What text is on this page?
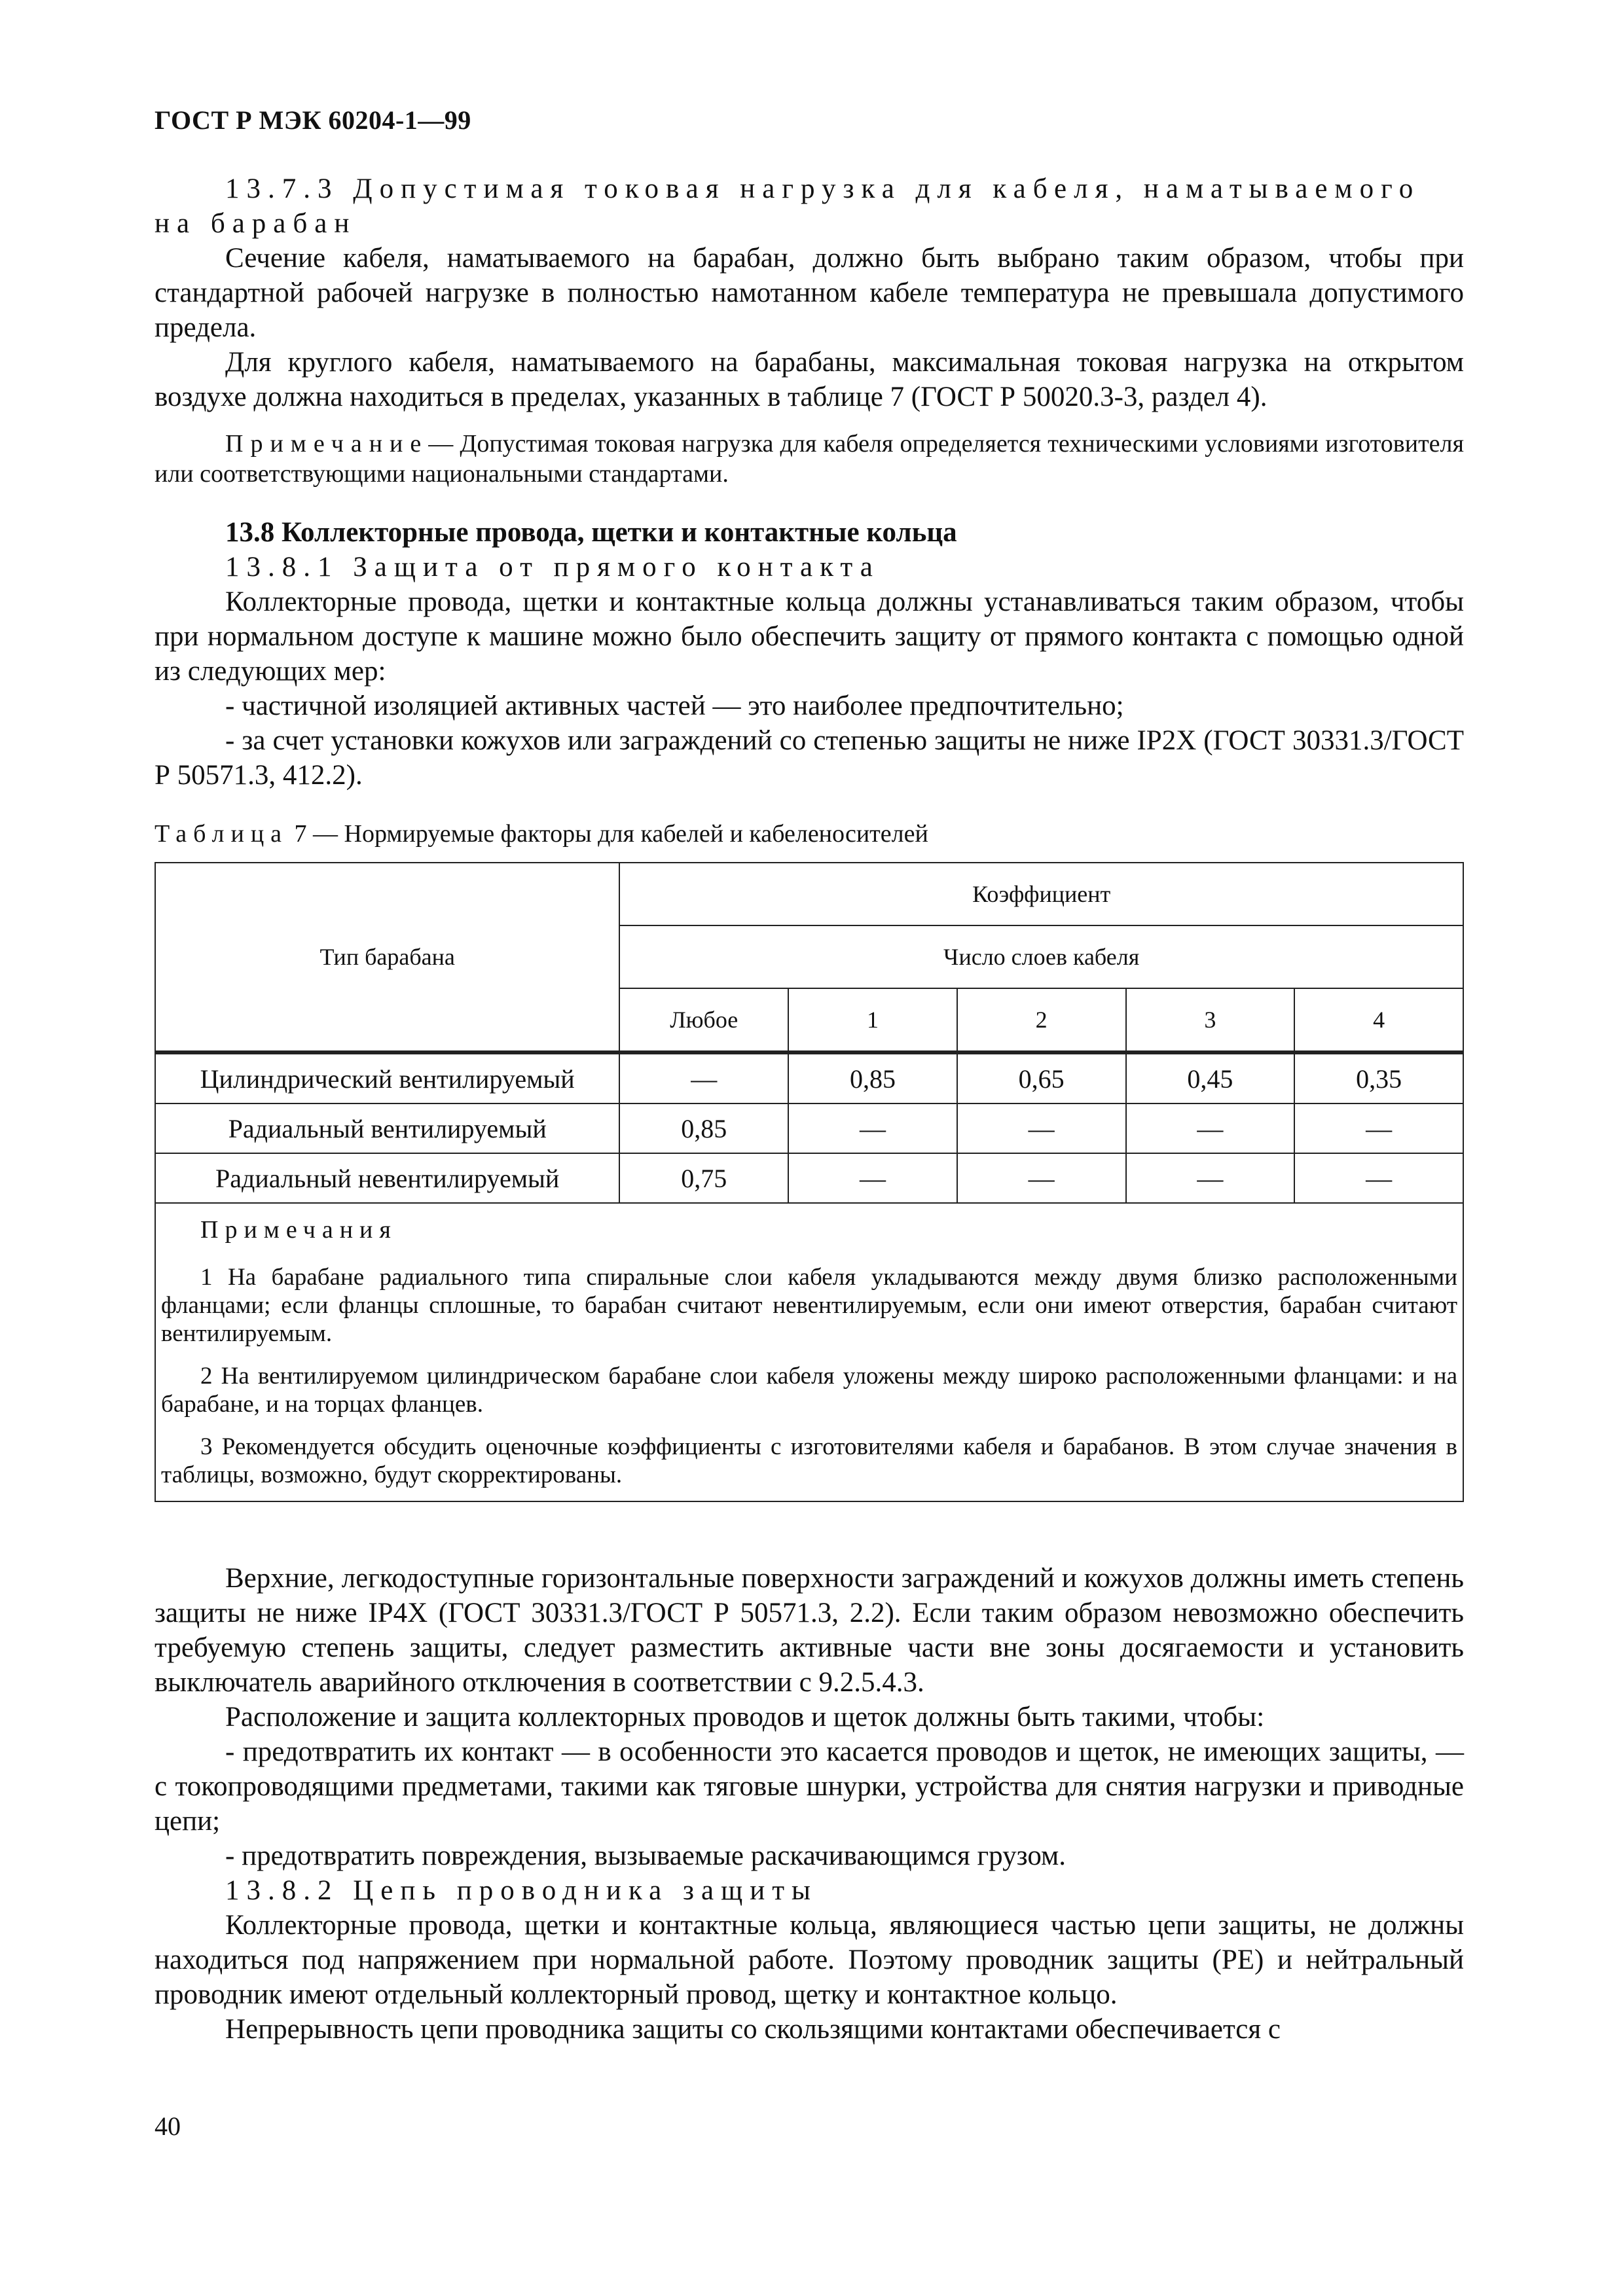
ГОСТ Р МЭК 60204-1—99

13.7.3 Допустимая токовая нагрузка для кабеля, наматываемого на барабан

Сечение кабеля, наматываемого на барабан, должно быть выбрано таким образом, чтобы при стандартной рабочей нагрузке в полностью намотанном кабеле температура не превышала допустимого предела.

Для круглого кабеля, наматываемого на барабаны, максимальная токовая нагрузка на открытом воздухе должна находиться в пределах, указанных в таблице 7 (ГОСТ Р 50020.3-3, раздел 4).

Примечание— Допустимая токовая нагрузка для кабеля определяется техническими условиями изготовителя или соответствующими национальными стандартами.

13.8 Коллекторные провода, щетки и контактные кольца

13.8.1 Защита от прямого контакта

Коллекторные провода, щетки и контактные кольца должны устанавливаться таким образом, чтобы при нормальном доступе к машине можно было обеспечить защиту от прямого контакта с помощью одной из следующих мер:

- частичной изоляцией активных частей — это наиболее предпочтительно;

- за счет установки кожухов или заграждений со степенью защиты не ниже IP2X (ГОСТ 30331.3/ГОСТ Р 50571.3, 412.2).

Таблица 7 — Нормируемые факторы для кабелей и кабеленосителей

Тип барабана	Коэффициент				
	Число слоев кабеля				
	Любое	1	2	3	4
Цилиндрический вентилируемый	—	0,85	0,65	0,45	0,35
Радиальный вентилируемый	0,85	—	—	—	—
Радиальный невентилируемый	0,75	—	—	—	—

Примечания

1 На барабане радиального типа спиральные слои кабеля укладываются между двумя близко расположенными фланцами; если фланцы сплошные, то барабан считают невентилируемым, если они имеют отверстия, барабан считают вентилируемым.

2 На вентилируемом цилиндрическом барабане слои кабеля уложены между широко расположенными фланцами: и на барабане, и на торцах фланцев.

3 Рекомендуется обсудить оценочные коэффициенты с изготовителями кабеля и барабанов. В этом случае значения в таблицы, возможно, будут скорректированы.					

Верхние, легкодоступные горизонтальные поверхности заграждений и кожухов должны иметь степень защиты не ниже IP4X (ГОСТ 30331.3/ГОСТ Р 50571.3, 2.2). Если таким образом невозможно обеспечить требуемую степень защиты, следует разместить активные части вне зоны досягаемости и установить выключатель аварийного отключения в соответствии с 9.2.5.4.3.

Расположение и защита коллекторных проводов и щеток должны быть такими, чтобы:

- предотвратить их контакт — в особенности это касается проводов и щеток, не имеющих защиты, — с токопроводящими предметами, такими как тяговые шнурки, устройства для снятия нагрузки и приводные цепи;

- предотвратить повреждения, вызываемые раскачивающимся грузом.

13.8.2 Цепь проводника защиты

Коллекторные провода, щетки и контактные кольца, являющиеся частью цепи защиты, не должны находиться под напряжением при нормальной работе. Поэтому проводник защиты (PE) и нейтральный проводник имеют отдельный коллекторный провод, щетку и контактное кольцо.

Непрерывность цепи проводника защиты со скользящими контактами обеспечивается с

40
